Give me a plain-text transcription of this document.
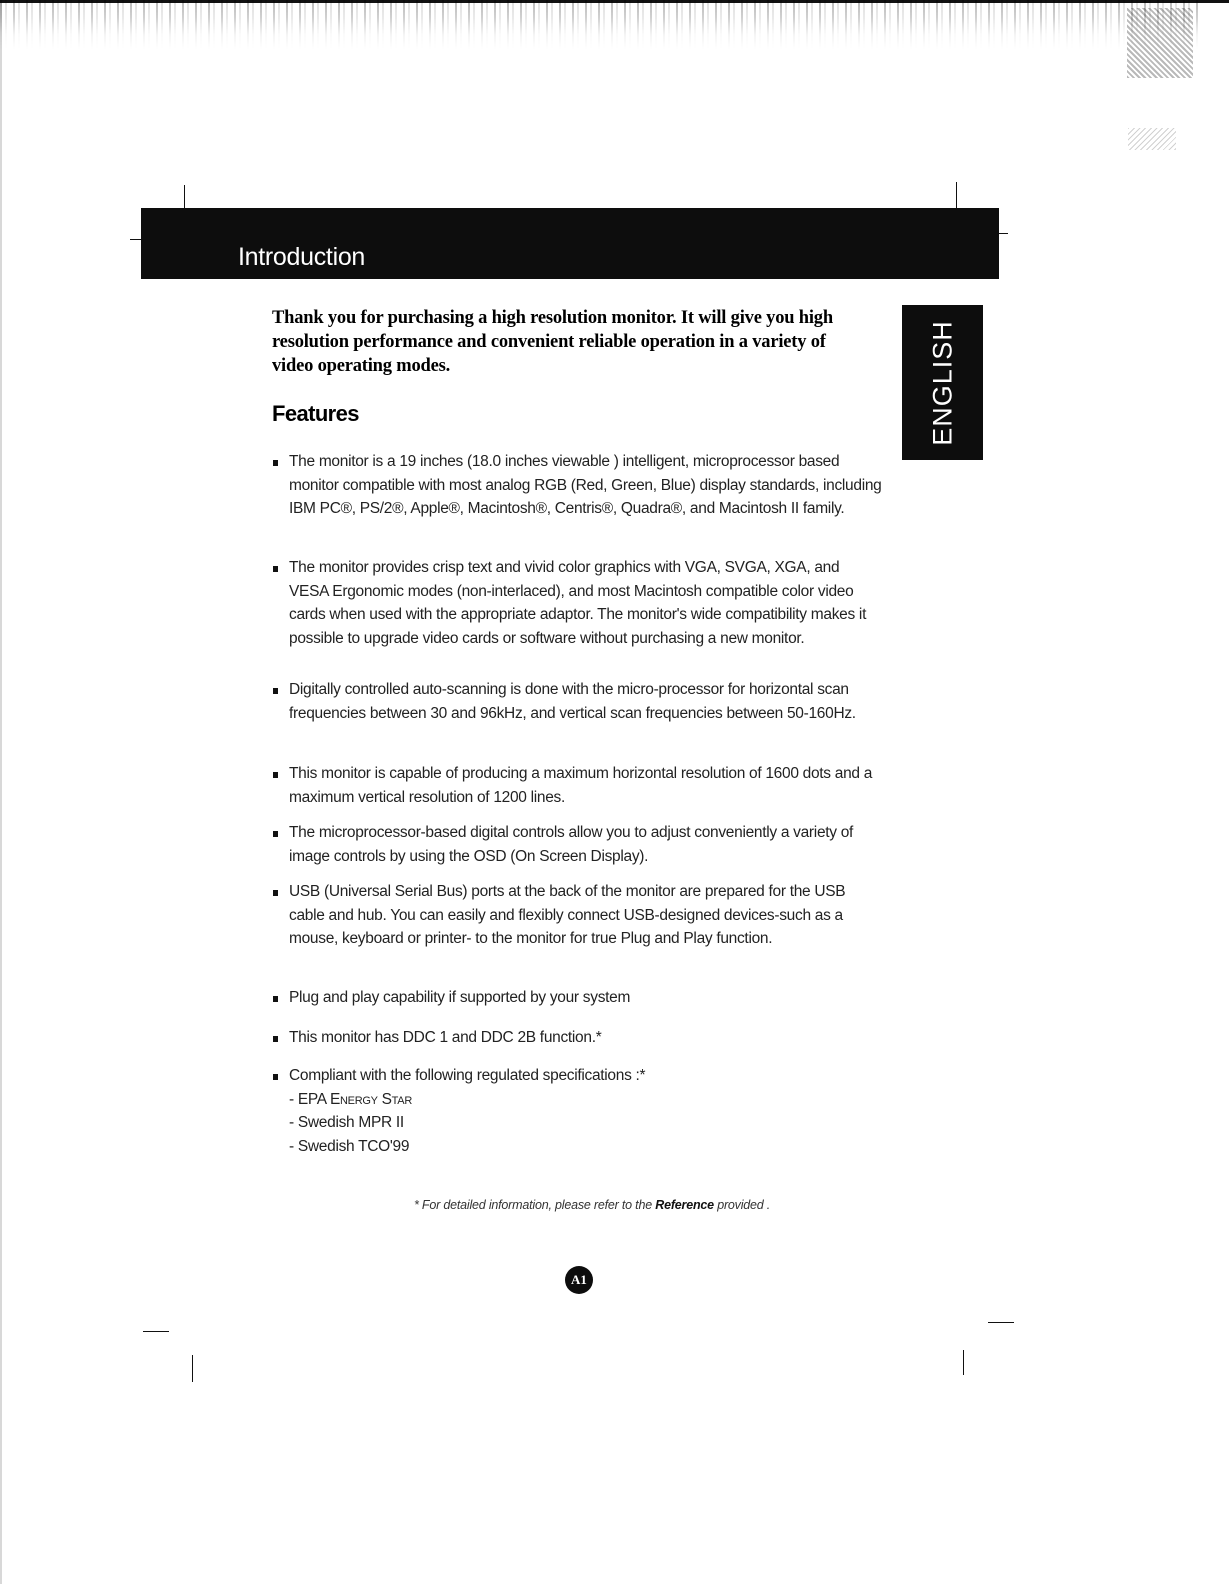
Introduction
ENGLISH

Thank you for purchasing a high resolution monitor. It will give you high resolution performance and convenient reliable operation in a variety of video operating modes.

Features
The monitor is a 19 inches (18.0 inches viewable ) intelligent, microprocessor based monitor compatible with most analog RGB (Red, Green, Blue) display standards, including IBM PC®, PS/2®, Apple®, Macintosh®, Centris®, Quadra®, and Macintosh II family.
The monitor provides crisp text and vivid color graphics with VGA, SVGA, XGA, and VESA Ergonomic modes (non-interlaced), and most Macintosh compatible color video cards when used with the appropriate adaptor. The monitor's wide compatibility makes it possible to upgrade video cards or software without purchasing a new monitor.
Digitally controlled auto-scanning is done with the micro-processor for horizontal scan frequencies between 30 and 96kHz, and vertical scan frequencies between 50-160Hz.
This monitor is capable of producing a maximum horizontal resolution of 1600 dots and a maximum vertical resolution of 1200 lines.
The microprocessor-based digital controls allow you to adjust conveniently a variety of image controls by using the OSD (On Screen Display).
USB (Universal Serial Bus) ports at the back of the monitor are prepared for the USB cable and hub. You can easily and flexibly connect USB-designed devices-such as a mouse, keyboard or printer- to the monitor for true Plug and Play function.
Plug and play capability if supported by your system
This monitor has DDC 1 and DDC 2B function.*
Compliant with the following regulated specifications :*
- EPA Energy Star
- Swedish MPR II
- Swedish TCO'99
* For detailed information, please refer to the Reference provided .
A1
